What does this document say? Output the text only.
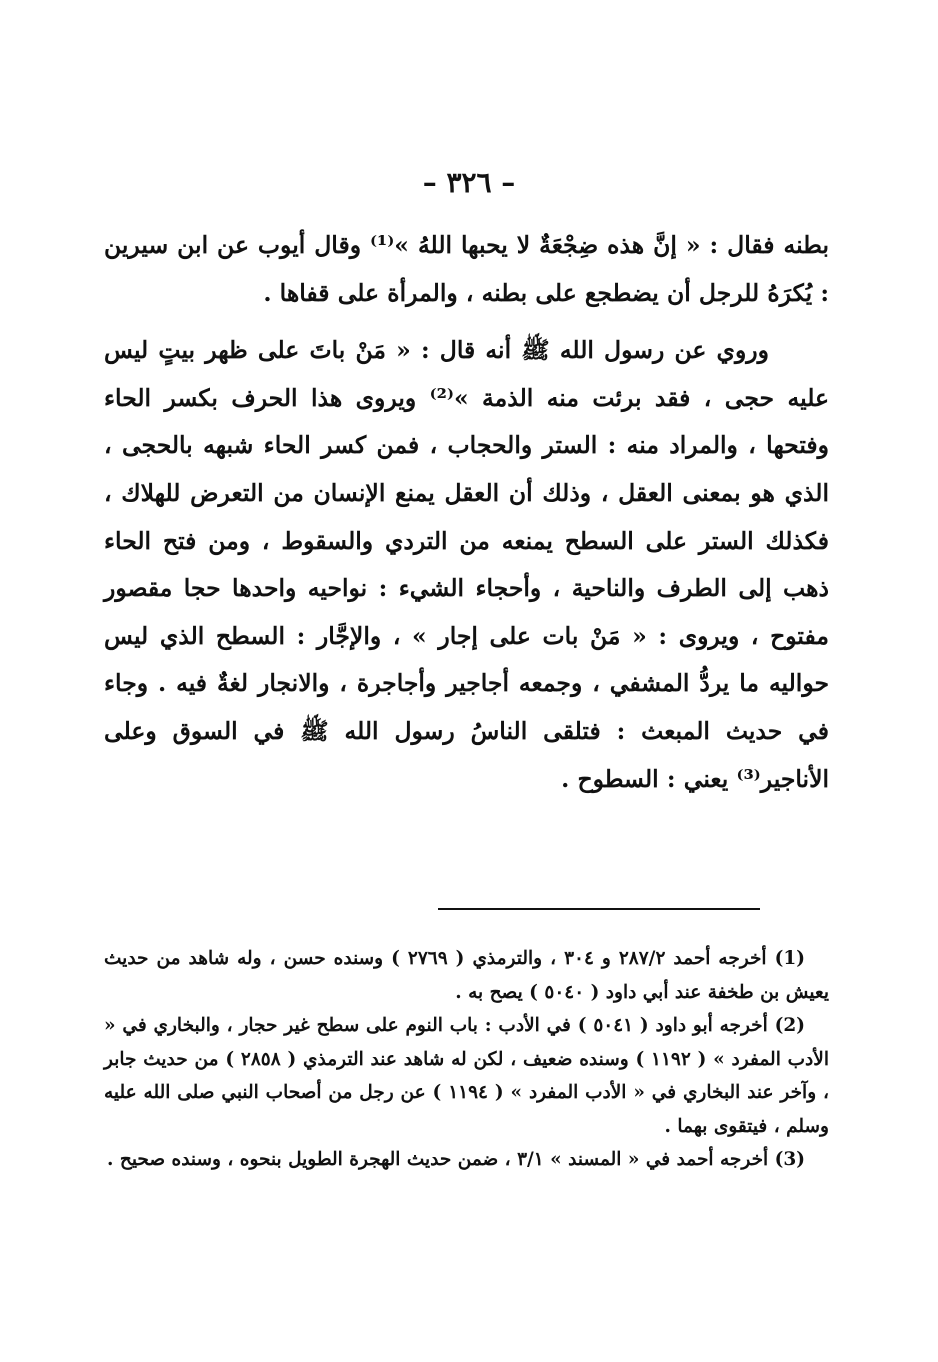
– ٣٢٦ –

بطنه فقال : « إنَّ هذه ضِجْعَةٌ لا يحبها اللهُ »⁽¹⁾ وقال أيوب عن ابن سيرين : يُكرَهُ للرجل أن يضطجع على بطنه ، والمرأة على قفاها .

وروي عن رسول الله ﷺ أنه قال : « مَنْ باتَ على ظهر بيتٍ ليس عليه حجى ، فقد برئت منه الذمة »⁽²⁾ ويروى هذا الحرف بكسر الحاء وفتحها ، والمراد منه : الستر والحجاب ، فمن كسر الحاء شبهه بالحجى ، الذي هو بمعنى العقل ، وذلك أن العقل يمنع الإنسان من التعرض للهلاك ، فكذلك الستر على السطح يمنعه من التردي والسقوط ، ومن فتح الحاء ذهب إلى الطرف والناحية ، وأحجاء الشيء : نواحيه واحدها حجا مقصور مفتوح ، ويروى : « مَنْ بات على إجار » ، والإجَّار : السطح الذي ليس حواليه ما يردُّ المشفي ، وجمعه أجاجير وأجاجرة ، والانجار لغةٌ فيه . وجاء في حديث المبعث : فتلقى الناسُ رسول الله ﷺ في السوق وعلى الأناجير⁽³⁾ يعني : السطوح .

(1) أخرجه أحمد ٢٨٧/٢ و ٣٠٤ ، والترمذي ( ٢٧٦٩ ) وسنده حسن ، وله شاهد من حديث يعيش بن طخفة عند أبي داود ( ٥٠٤٠ ) يصح به .

(2) أخرجه أبو داود ( ٥٠٤١ ) في الأدب : باب النوم على سطح غير حجار ، والبخاري في « الأدب المفرد » ( ١١٩٢ ) وسنده ضعيف ، لكن له شاهد عند الترمذي ( ٢٨٥٨ ) من حديث جابر ، وآخر عند البخاري في « الأدب المفرد » ( ١١٩٤ ) عن رجل من أصحاب النبي صلى الله عليه وسلم ، فيتقوى بهما .

(3) أخرجه أحمد في « المسند » ٣/١ ، ضمن حديث الهجرة الطويل بنحوه ، وسنده صحيح .
